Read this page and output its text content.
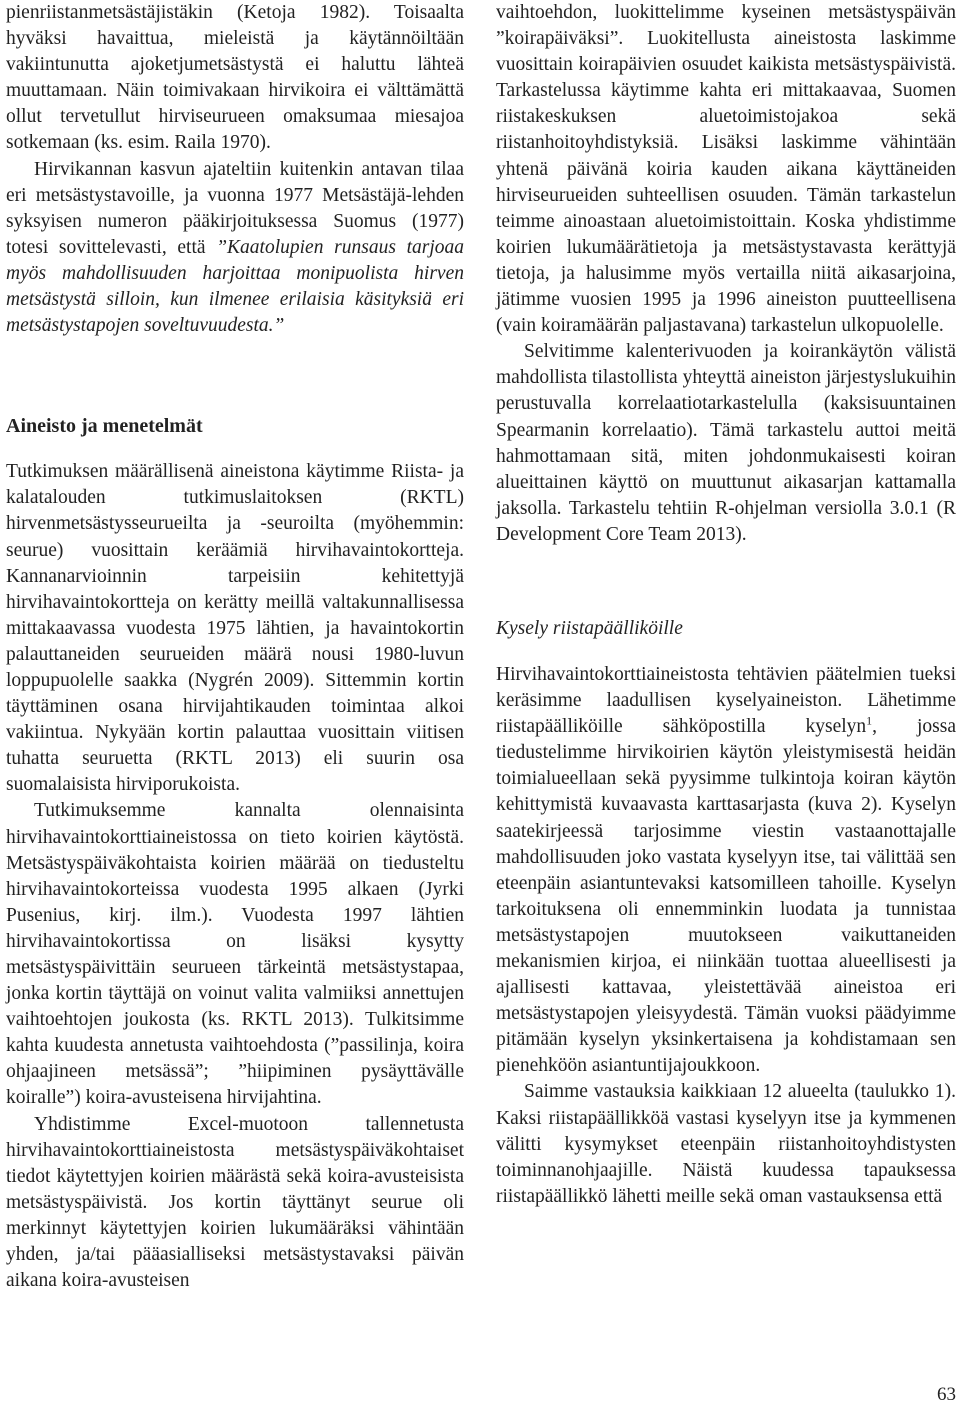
pienriistanmetsästäjistäkin (Ketoja 1982). Toisaalta hyväksi havaittua, mieleistä ja käytännöiltään vakiintunutta ajoketjumetsästystä ei haluttu lähteä muuttamaan. Näin toimivakaan hirvikoira ei välttämättä ollut tervetullut hirviseurueen omaksumaa miesajoa sotkemaan (ks. esim. Raila 1970).

Hirvikannan kasvun ajateltiin kuitenkin antavan tilaa eri metsästystavoille, ja vuonna 1977 Metsästäjä-lehden syksyisen numeron pääkirjoituksessa Suomus (1977) totesi sovittelevasti, että ”Kaatolupien runsaus tarjoaa myös mahdollisuuden harjoittaa monipuolista hirven metsästystä silloin, kun ilmenee erilaisia käsityksiä eri metsästystapojen soveltuvuudesta.”

Aineisto ja menetelmät

Tutkimuksen määrällisenä aineistona käytimme Riista- ja kalatalouden tutkimuslaitoksen (RKTL) hirvenmetsästysseurueilta ja -seuroilta (myöhemmin: seurue) vuosittain keräämiä hirvihavaintokortteja. Kannanarvioinnin tarpeisiin kehitettyjä hirvihavaintokortteja on kerätty meillä valtakunnallisessa mittakaavassa vuodesta 1975 lähtien, ja havaintokortin palauttaneiden seurueiden määrä nousi 1980-luvun loppupuolelle saakka (Nygrén 2009). Sittemmin kortin täyttäminen osana hirvijahtikauden toimintaa alkoi vakiintua. Nykyään kortin palauttaa vuosittain viitisen tuhatta seuruetta (RKTL 2013) eli suurin osa suomalaisista hirviporukoista.

Tutkimuksemme kannalta olennaisinta hirvihavaintokorttiaineistossa on tieto koirien käytöstä. Metsästyspäiväkohtaista koirien määrää on tiedusteltu hirvihavaintokorteissa vuodesta 1995 alkaen (Jyrki Pusenius, kirj. ilm.). Vuodesta 1997 lähtien hirvihavaintokortissa on lisäksi kysytty metsästyspäivittäin seurueen tärkeintä metsästystapaa, jonka kortin täyttäjä on voinut valita valmiiksi annettujen vaihtoehtojen joukosta (ks. RKTL 2013). Tulkitsimme kahta kuudesta annetusta vaihtoehdosta (”passilinja, koira ohjaajineen metsässä”; ”hiipiminen pysäyttävälle koiralle”) koira-avusteisena hirvijahtina.

Yhdistimme Excel-muotoon tallennetusta hirvihavaintokorttiaineistosta metsästyspäiväkohtaiset tiedot käytettyjen koirien määrästä sekä koira-avusteisista metsästyspäivistä. Jos kortin täyttänyt seurue oli merkinnyt käytettyjen koirien lukumääräksi vähintään yhden, ja/tai pääasialliseksi metsästystavaksi päivän aikana koira-avusteisen

vaihtoehdon, luokittelimme kyseinen metsästyspäivän ”koirapäiväksi”. Luokitellusta aineistosta laskimme vuosittain koirapäivien osuudet kaikista metsästyspäivistä. Tarkastelussa käytimme kahta eri mittakaavaa, Suomen riistakeskuksen aluetoimistojakoa sekä riistanhoitoyhdistyksiä. Lisäksi laskimme vähintään yhtenä päivänä koiria kauden aikana käyttäneiden hirviseurueiden suhteellisen osuuden. Tämän tarkastelun teimme ainoastaan aluetoimistoittain. Koska yhdistimme koirien lukumäärätietoja ja metsästystavasta kerättyjä tietoja, ja halusimme myös vertailla niitä aikasarjoina, jätimme vuosien 1995 ja 1996 aineiston puutteellisena (vain koiramäärän paljastavana) tarkastelun ulkopuolelle.

Selvitimme kalenterivuoden ja koirankäytön välistä mahdollista tilastollista yhteyttä aineiston järjestyslukuihin perustuvalla korrelaatiotarkastelulla (kaksisuuntainen Spearmanin korrelaatio). Tämä tarkastelu auttoi meitä hahmottamaan sitä, miten johdonmukaisesti koiran alueittainen käyttö on muuttunut aikasarjan kattamalla jaksolla. Tarkastelu tehtiin R-ohjelman versiolla 3.0.1 (R Development Core Team 2013).

Kysely riistapäälliköille

Hirvihavaintokorttiaineistosta tehtävien päätelmien tueksi keräsimme laadullisen kyselyaineiston. Lähetimme riistapäälliköille sähköpostilla kyselyn$^1$, jossa tiedustelimme hirvikoirien käytön yleistymisestä heidän toimialueellaan sekä pyysimme tulkintoja koiran käytön kehittymistä kuvaavasta karttasarjasta (kuva 2). Kyselyn saatekirjeessä tarjosimme viestin vastaanottajalle mahdollisuuden joko vastata kyselyyn itse, tai välittää sen eteenpäin asiantuntevaksi katsomilleen tahoille. Kyselyn tarkoituksena oli ennemminkin luodata ja tunnistaa metsästystapojen muutokseen vaikuttaneiden mekanismien kirjoa, ei niinkään tuottaa alueellisesti ja ajallisesti kattavaa, yleistettävää aineistoa eri metsästystapojen yleisyydestä. Tämän vuoksi päädyimme pitämään kyselyn yksinkertaisena ja kohdistamaan sen pienehköön asiantuntijajoukkoon.

Saimme vastauksia kaikkiaan 12 alueelta (taulukko 1). Kaksi riistapäällikköä vastasi kyselyyn itse ja kymmenen välitti kysymykset eteenpäin riistanhoitoyhdistysten toiminnanohjaajille. Näistä kuudessa tapauksessa riistapäällikkö lähetti meille sekä oman vastauksensa että

63
